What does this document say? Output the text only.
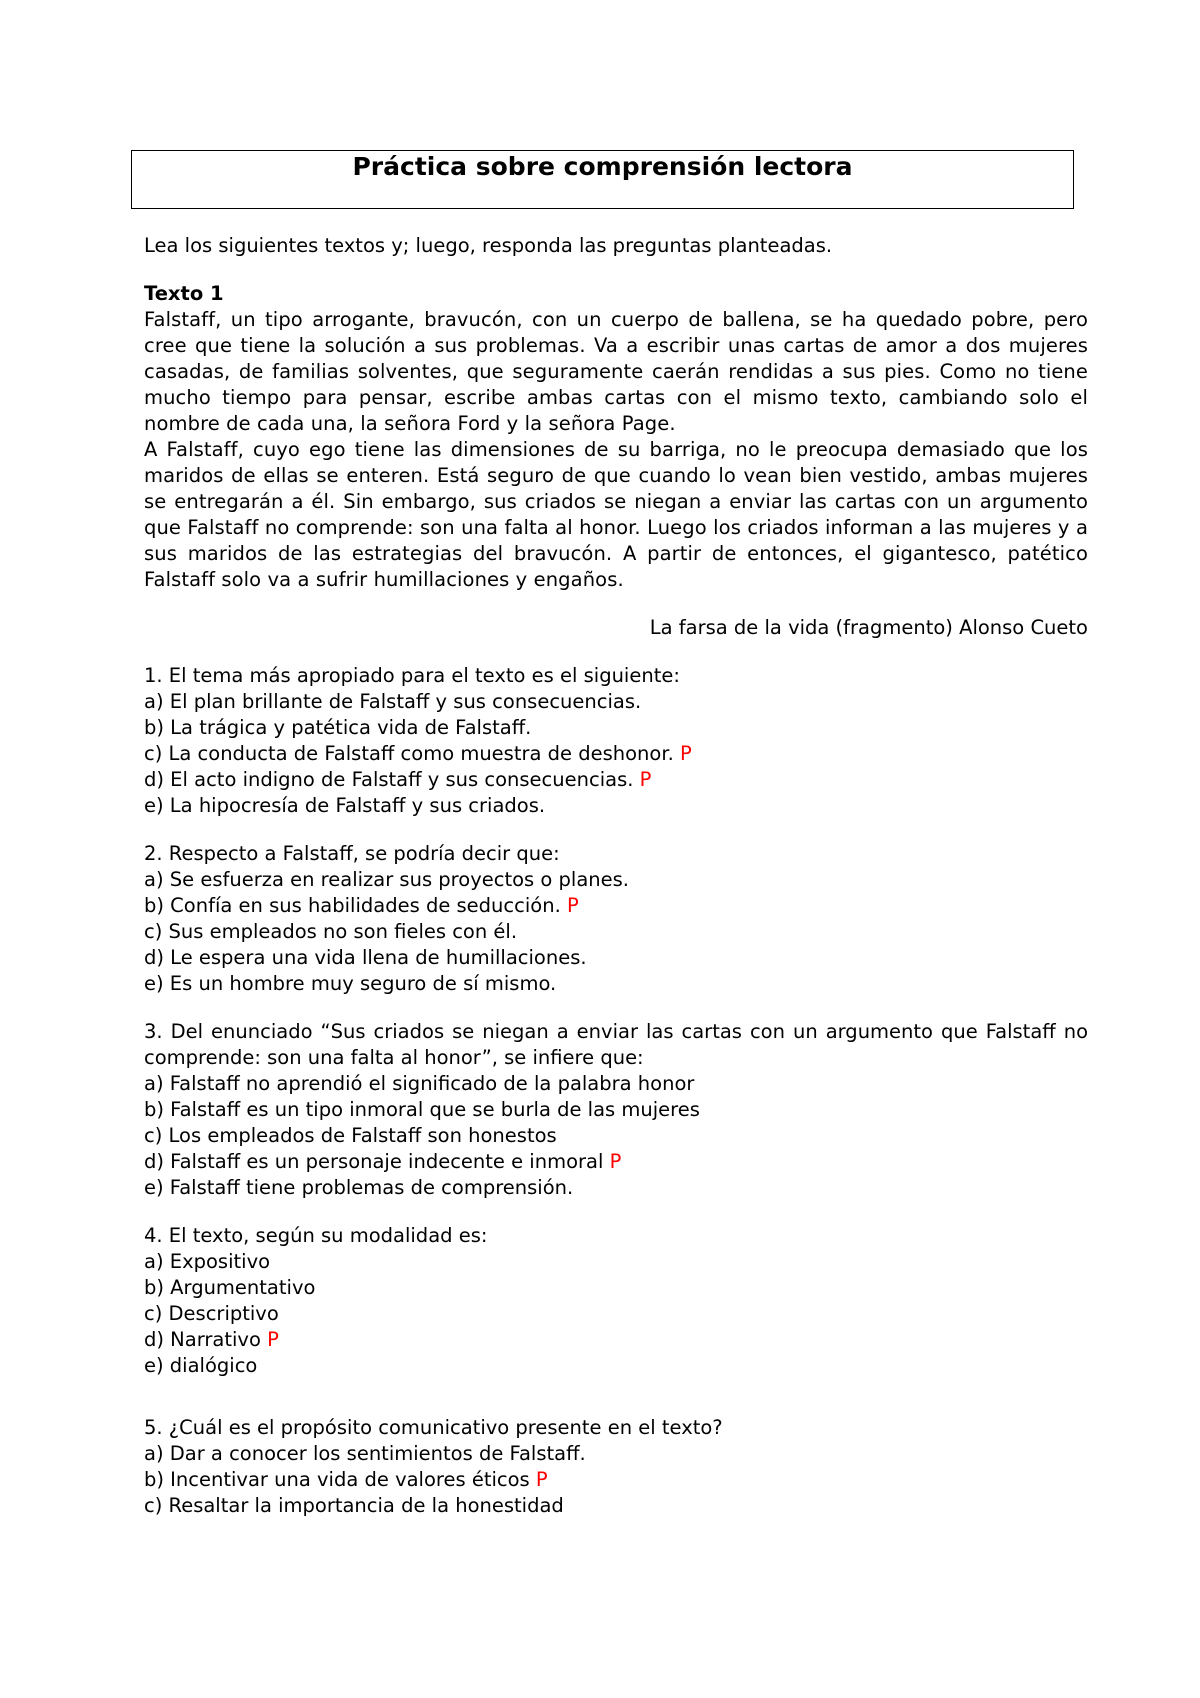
Práctica sobre comprensión lectora

Lea los siguientes textos y; luego, responda las preguntas planteadas.

Texto 1

Falstaff, un tipo arrogante, bravucón, con un cuerpo de ballena, se ha quedado pobre, pero cree que tiene la solución a sus problemas. Va a escribir unas cartas de amor a dos mujeres casadas, de familias solventes, que seguramente caerán rendidas a sus pies. Como no tiene mucho tiempo para pensar, escribe ambas cartas con el mismo texto, cambiando solo el nombre de cada una, la señora Ford y la señora Page.

A Falstaff, cuyo ego tiene las dimensiones de su barriga, no le preocupa demasiado que los maridos de ellas se enteren. Está seguro de que cuando lo vean bien vestido, ambas mujeres se entregarán a él. Sin embargo, sus criados se niegan a enviar las cartas con un argumento que Falstaff no comprende: son una falta al honor. Luego los criados informan a las mujeres y a sus maridos de las estrategias del bravucón. A partir de entonces, el gigantesco, patético Falstaff solo va a sufrir humillaciones y engaños.

La farsa de la vida (fragmento) Alonso Cueto

1. El tema más apropiado para el texto es el siguiente:

a) El plan brillante de Falstaff y sus consecuencias.

b) La trágica y patética vida de Falstaff.

c) La conducta de Falstaff como muestra de deshonor. P

d) El acto indigno de Falstaff y sus consecuencias. P

e) La hipocresía de Falstaff y sus criados.

2. Respecto a Falstaff, se podría decir que:

a) Se esfuerza en realizar sus proyectos o planes.

b) Confía en sus habilidades de seducción. P

c) Sus empleados no son fieles con él.

d) Le espera una vida llena de humillaciones.

e) Es un hombre muy seguro de sí mismo.

3. Del enunciado “Sus criados se niegan a enviar las cartas con un argumento que Falstaff no comprende: son una falta al honor”, se infiere que:

a) Falstaff no aprendió el significado de la palabra honor

b) Falstaff es un tipo inmoral que se burla de las mujeres

c) Los empleados de Falstaff son honestos

d) Falstaff es un personaje indecente e inmoral P

e) Falstaff tiene problemas de comprensión.

4. El texto, según su modalidad es:

a) Expositivo

b) Argumentativo

c) Descriptivo

d) Narrativo P

e) dialógico

5. ¿Cuál es el propósito comunicativo presente en el texto?

a) Dar a conocer los sentimientos de Falstaff.

b) Incentivar una vida de valores éticos P

c) Resaltar la importancia de la honestidad
